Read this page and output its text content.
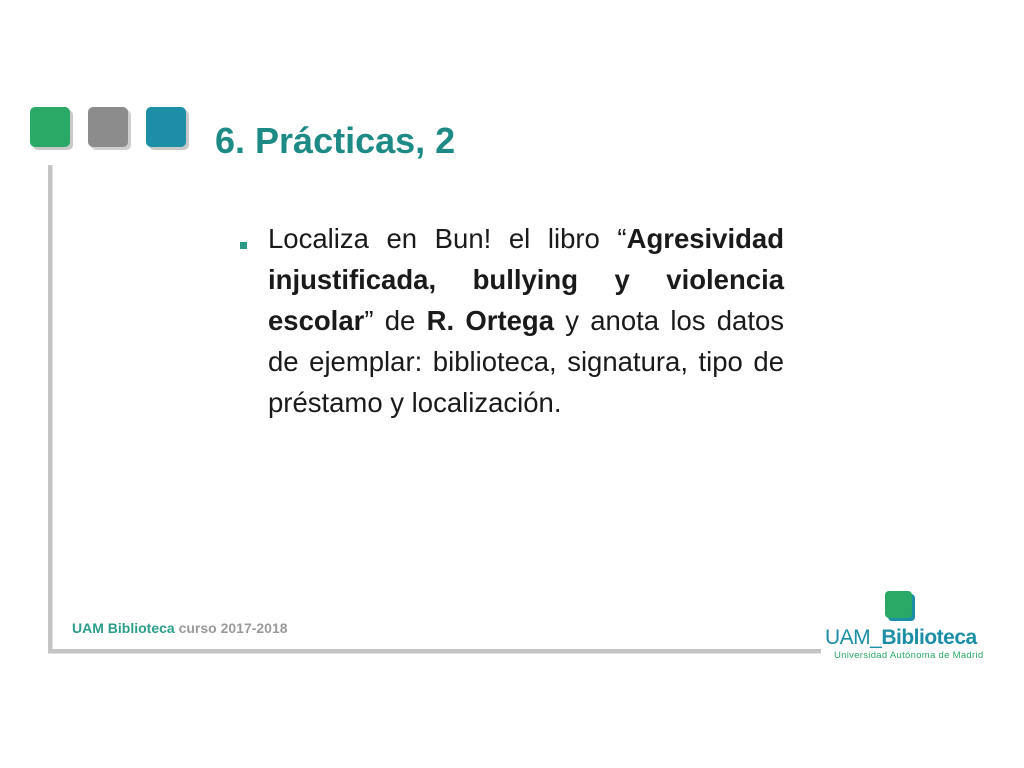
6. Prácticas, 2

Localiza en Bun! el libro “Agresividad injustificada, bullying y violencia escolar” de R. Ortega y anota los datos de ejemplar: biblioteca, signatura, tipo de préstamo y localización.

UAM Biblioteca curso 2017-2018	UAM_Biblioteca
Universidad Autónoma de Madrid
